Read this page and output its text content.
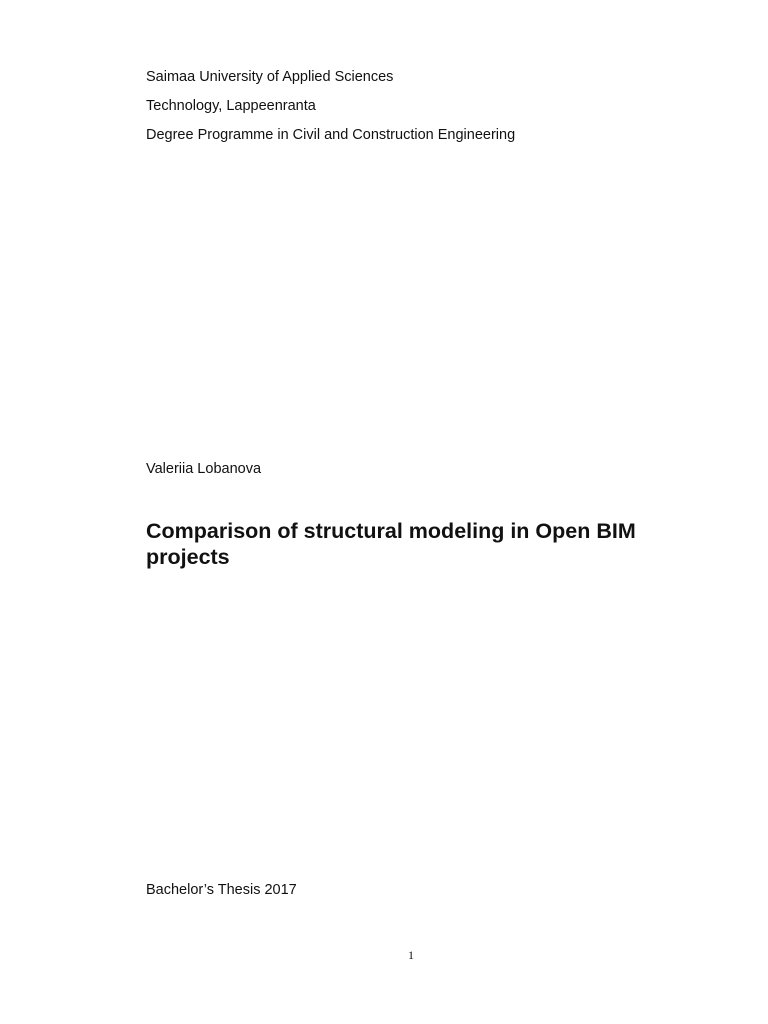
Saimaa University of Applied Sciences
Technology, Lappeenranta
Degree Programme in Civil and Construction Engineering
Valeriia Lobanova
Comparison of structural modeling in Open BIM projects
Bachelor’s Thesis 2017
1
